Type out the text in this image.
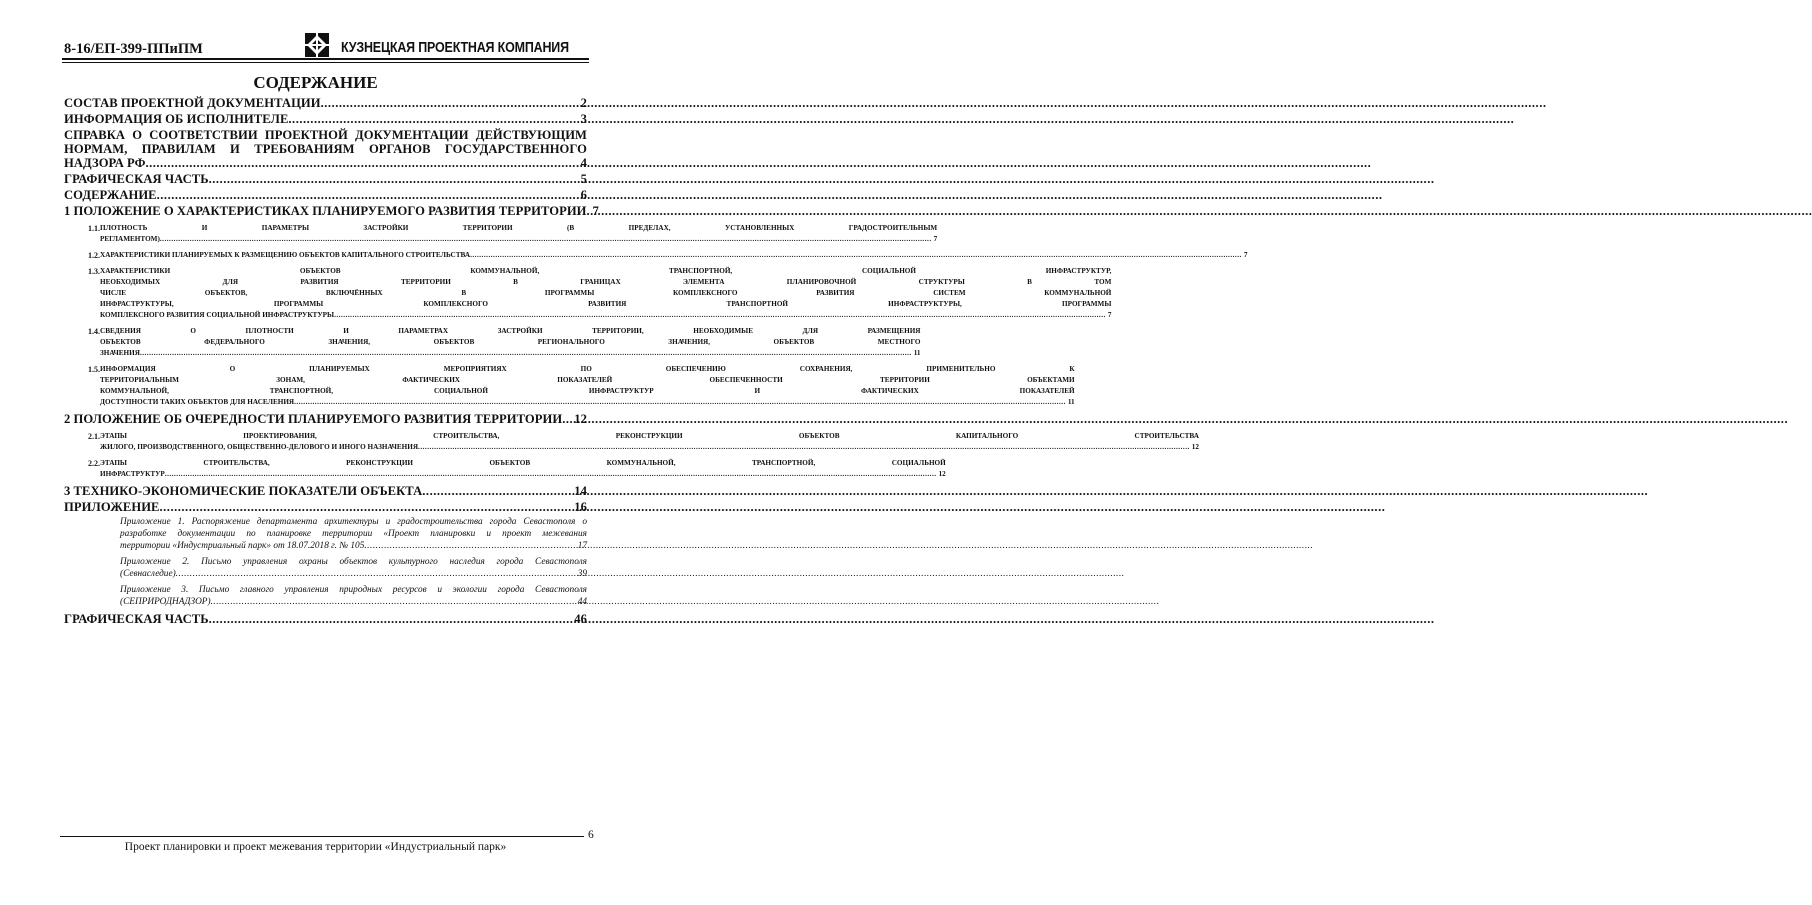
8-16/ЕП-399-ППиПМ	КУЗНЕЦКАЯ ПРОЕКТНАЯ КОМПАНИЯ
СОДЕРЖАНИЕ
СОСТАВ ПРОЕКТНОЙ ДОКУМЕНТАЦИИ .....	2
ИНФОРМАЦИЯ ОБ ИСПОЛНИТЕЛЕ .....	3
СПРАВКА О СООТВЕТСТВИИ ПРОЕКТНОЙ ДОКУМЕНТАЦИИ ДЕЙСТВУЮЩИМ
НОРМАМ, ПРАВИЛАМ И ТРЕБОВАНИЯМ ОРГАНОВ ГОСУДАРСТВЕННОГО
НАДЗОРА РФ .....	4
ГРАФИЧЕСКАЯ ЧАСТЬ .....	5
СОДЕРЖАНИЕ .....	6
1 ПОЛОЖЕНИЕ О ХАРАКТЕРИСТИКАХ ПЛАНИРУЕМОГО РАЗВИТИЯ ТЕРРИТОРИИ ..... 7
1.1. ПЛОТНОСТЬ И ПАРАМЕТРЫ ЗАСТРОЙКИ ТЕРРИТОРИИ (В ПРЕДЕЛАХ, УСТАНОВЛЕННЫХ ГРАДОСТРОИТЕЛЬНЫМ
РЕГЛАМЕНТОМ) .....	7
1.2. ХАРАКТЕРИСТИКИ ПЛАНИРУЕМЫХ К РАЗМЕЩЕНИЮ ОБЪЕКТОВ КАПИТАЛЬНОГО СТРОИТЕЛЬСТВА .....	7
1.3. ХАРАКТЕРИСТИКИ ОБЪЕКТОВ КОММУНАЛЬНОЙ, ТРАНСПОРТНОЙ, СОЦИАЛЬНОЙ ИНФРАСТРУКТУР,
НЕОБХОДИМЫХ ДЛЯ РАЗВИТИЯ ТЕРРИТОРИИ В ГРАНИЦАХ ЭЛЕМЕНТА ПЛАНИРОВОЧНОЙ СТРУКТУРЫ В ТОМ
ЧИСЛЕ ОБЪЕКТОВ, ВКЛЮЧЁННЫХ В ПРОГРАММЫ КОМПЛЕКСНОГО РАЗВИТИЯ СИСТЕМ КОММУНАЛЬНОЙ
ИНФРАСТРУКТУРЫ, ПРОГРАММЫ КОМПЛЕКСНОГО РАЗВИТИЯ ТРАНСПОРТНОЙ ИНФРАСТРУКТУРЫ, ПРОГРАММЫ
КОМПЛЕКСНОГО РАЗВИТИЯ СОЦИАЛЬНОЙ ИНФРАСТРУКТУРЫ .....	7
1.4. СВЕДЕНИЯ О ПЛОТНОСТИ И ПАРАМЕТРАХ ЗАСТРОЙКИ ТЕРРИТОРИИ, НЕОБХОДИМЫЕ ДЛЯ РАЗМЕЩЕНИЯ
ОБЪЕКТОВ ФЕДЕРАЛЬНОГО ЗНАЧЕНИЯ, ОБЪЕКТОВ РЕГИОНАЛЬНОГО ЗНАЧЕНИЯ, ОБЪЕКТОВ МЕСТНОГО
ЗНАЧЕНИЯ .....	11
1.5. ИНФОРМАЦИЯ О ПЛАНИРУЕМЫХ МЕРОПРИЯТИЯХ ПО ОБЕСПЕЧЕНИЮ СОХРАНЕНИЯ, ПРИМЕНИТЕЛЬНО К
ТЕРРИТОРИАЛЬНЫМ ЗОНАМ, ФАКТИЧЕСКИХ ПОКАЗАТЕЛЕЙ ОБЕСПЕЧЕННОСТИ ТЕРРИТОРИИ ОБЪЕКТАМИ
КОММУНАЛЬНОЙ, ТРАНСПОРТНОЙ, СОЦИАЛЬНОЙ ИНФРАСТРУКТУР И ФАКТИЧЕСКИХ ПОКАЗАТЕЛЕЙ
ДОСТУПНОСТИ ТАКИХ ОБЪЕКТОВ ДЛЯ НАСЕЛЕНИЯ .....	11
2 ПОЛОЖЕНИЕ ОБ ОЧЕРЕДНОСТИ ПЛАНИРУЕМОГО РАЗВИТИЯ ТЕРРИТОРИИ ..... 12
2.1. ЭТАПЫ ПРОЕКТИРОВАНИЯ, СТРОИТЕЛЬСТВА, РЕКОНСТРУКЦИИ ОБЪЕКТОВ КАПИТАЛЬНОГО СТРОИТЕЛЬСТВА
ЖИЛОГО, ПРОИЗВОДСТВЕННОГО, ОБЩЕСТВЕННО-ДЕЛОВОГО И ИНОГО НАЗНАЧЕНИЯ .....	12
2.2. ЭТАПЫ СТРОИТЕЛЬСТВА, РЕКОНСТРУКЦИИ ОБЪЕКТОВ КОММУНАЛЬНОЙ, ТРАНСПОРТНОЙ, СОЦИАЛЬНОЙ
ИНФРАСТРУКТУР .....	12
3 ТЕХНИКО-ЭКОНОМИЧЕСКИЕ ПОКАЗАТЕЛИ ОБЪЕКТА .....	14
ПРИЛОЖЕНИЕ .....	16
Приложение 1. Распоряжение департамента архитектуры и градостроительства города Севастополя о
разработке документации по планировке территории «Проект планировки и проект межевания
территории «Индустриальный парк» от 18.07.2018 г. № 105 .....	17
Приложение 2. Письмо управления охраны объектов культурного наследия города Севастополя
(Севнаследие) .....	39
Приложение 3. Письмо главного управления природных ресурсов и экологии города Севастополя
(СЕПРИРОДНАДЗОР) .....	44
ГРАФИЧЕСКАЯ ЧАСТЬ .....	46
6
Проект планировки и проект межевания территории «Индустриальный парк»
